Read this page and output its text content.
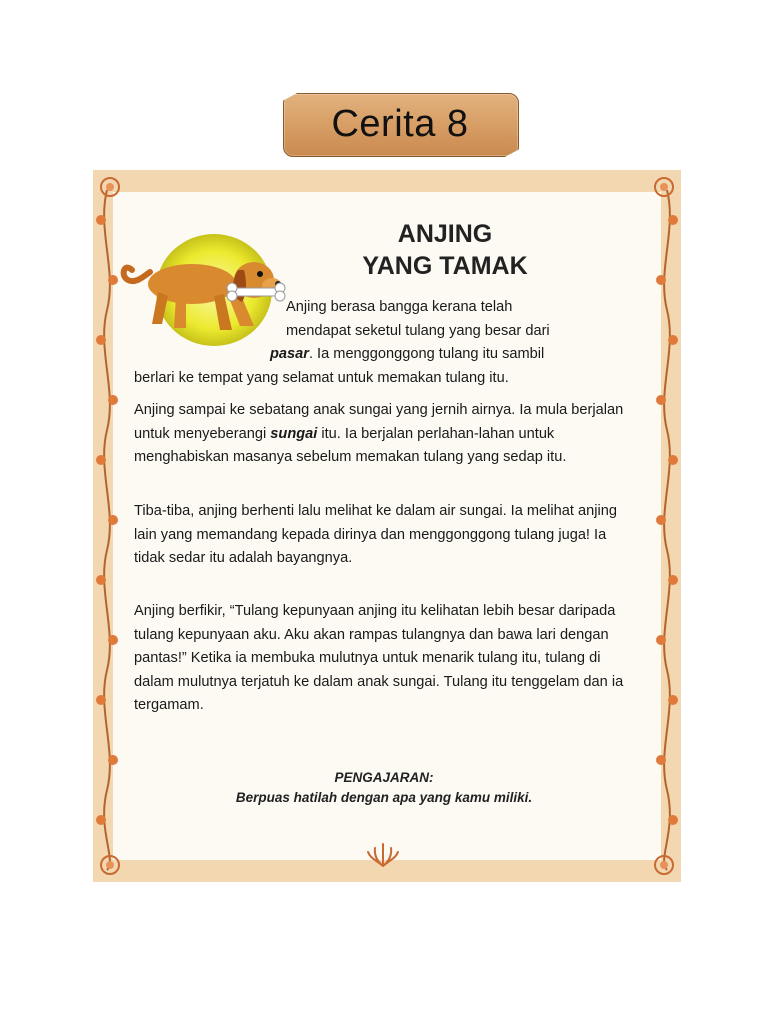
Cerita 8
ANJING
YANG TAMAK

Anjing berasa bangga kerana telah
mendapat seketul tulang yang besar dari
pasar. Ia menggonggong tulang itu sambil
berlari ke tempat yang selamat untuk memakan tulang itu.

Anjing sampai ke sebatang anak sungai yang jernih airnya. Ia mula berjalan untuk menyeberangi sungai itu. Ia berjalan perlahan-lahan untuk menghabiskan masanya sebelum memakan tulang yang sedap itu.

Tiba-tiba, anjing berhenti lalu melihat ke dalam air sungai. Ia melihat anjing lain yang memandang kepada dirinya dan menggonggong tulang juga! Ia tidak sedar itu adalah bayangnya.

Anjing berfikir, “Tulang kepunyaan anjing itu kelihatan lebih besar daripada tulang kepunyaan aku. Aku akan rampas tulangnya dan bawa lari dengan pantas!” Ketika ia membuka mulutnya untuk menarik tulang itu, tulang di dalam mulutnya terjatuh ke dalam anak sungai. Tulang itu tenggelam dan ia tergamam.

PENGAJARAN:
Berpuas hatilah dengan apa yang kamu miliki.
